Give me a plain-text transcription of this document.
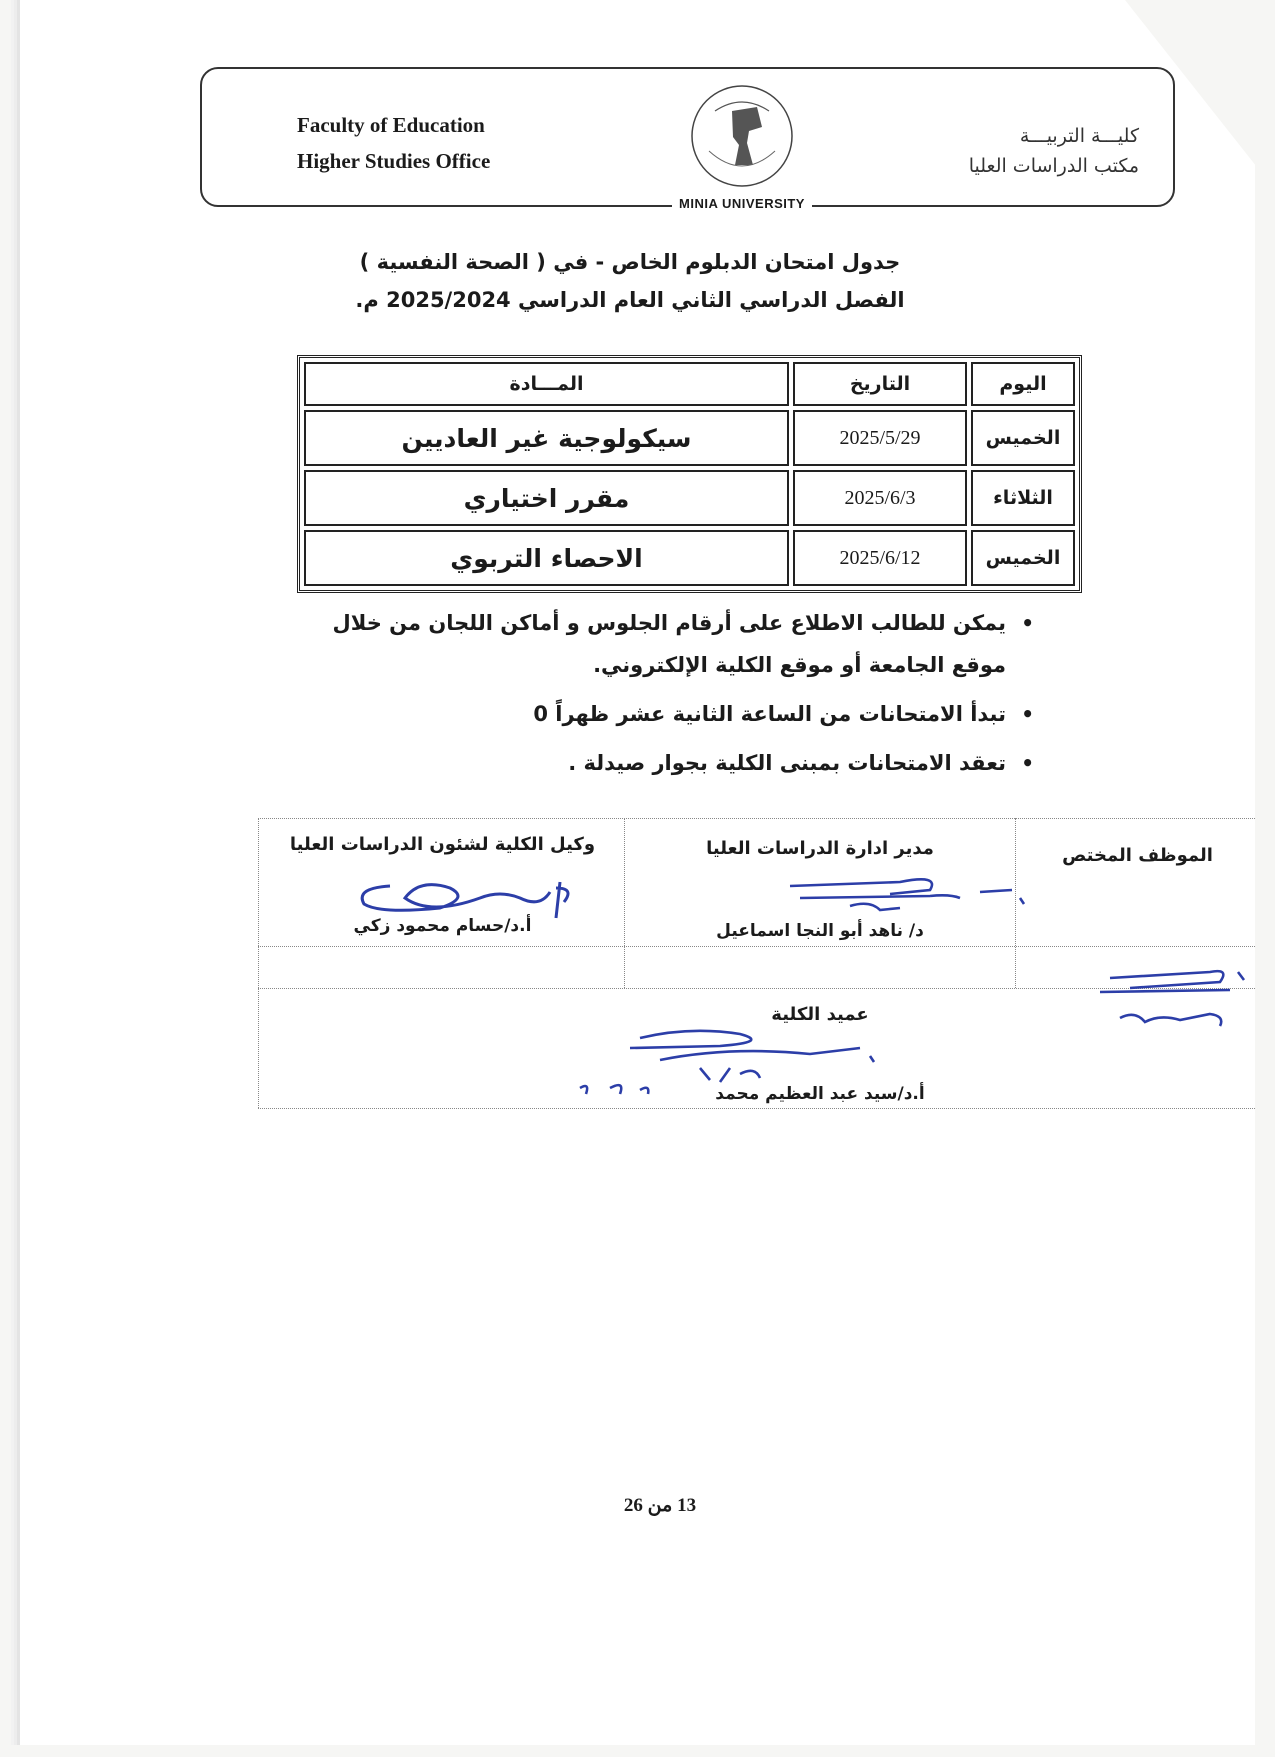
Faculty of Education
Higher Studies Office
MINIA UNIVERSITY
كليـــة التربيـــة
مكتب الدراسات العليا
جدول امتحان الدبلوم الخاص - في ( الصحة النفسية )
الفصل الدراسي الثاني العام الدراسي 2025/2024 م.
اليوم	التاريخ	المـــادة
الخميس	2025/5/29	سيكولوجية غير العاديين
الثلاثاء	2025/6/3	مقرر اختياري
الخميس	2025/6/12	الاحصاء التربوي
• يمكن للطالب الاطلاع على أرقام الجلوس و أماكن اللجان من خلال موقع الجامعة أو موقع الكلية الإلكتروني.
• تبدأ الامتحانات من الساعة الثانية عشر ظهراً 0
• تعقد الامتحانات بمبنى الكلية بجوار صيدلة .
وكيل الكلية لشئون الدراسات العليا
أ.د/حسام محمود زكي
مدير ادارة الدراسات العليا
د/ ناهد أبو النجا اسماعيل
الموظف المختص
عميد الكلية
أ.د/سيد عبد العظيم محمد
13 من 26
